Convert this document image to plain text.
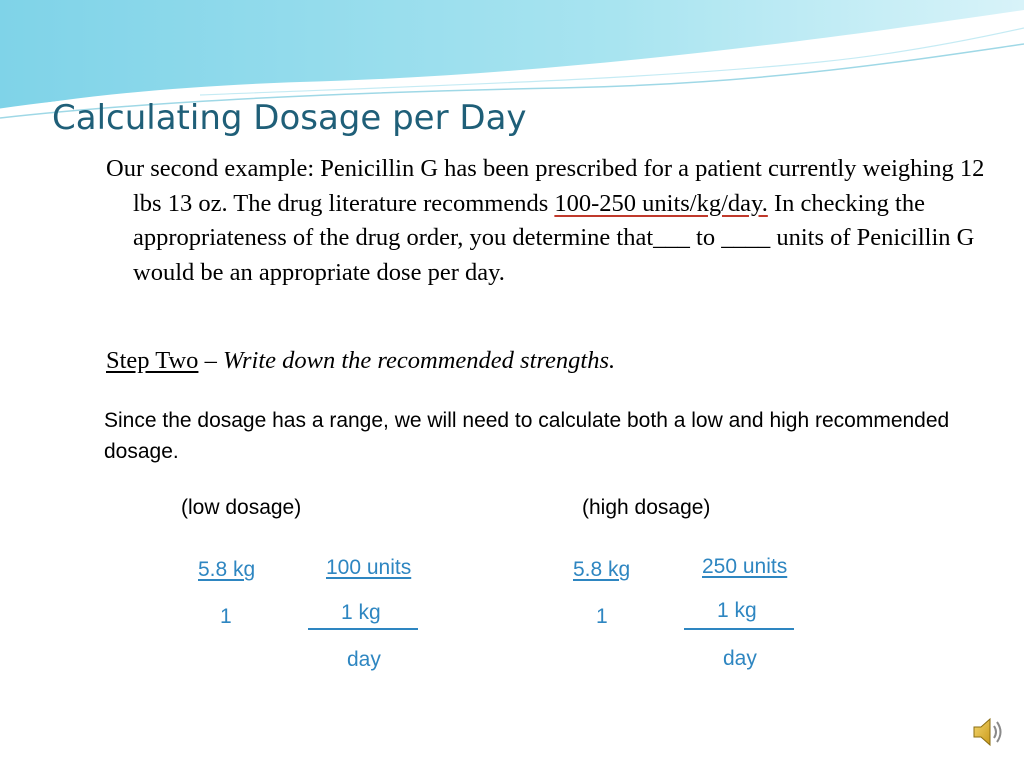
Calculating Dosage per Day

Our second example: Penicillin G has been prescribed for a patient currently weighing 12 lbs 13 oz. The drug literature recommends 100-250 units/kg/day. In checking the appropriateness of the drug order, you determine that___ to ____ units of Penicillin G would be an appropriate dose per day.

Step Two – Write down the recommended strengths.

Since the dosage has a range, we will need to calculate both a low and high recommended dosage.

(low dosage)
5.8 kg
1
100 units
1 kg
day
(high dosage)
5.8 kg
1
250 units
1 kg
day
